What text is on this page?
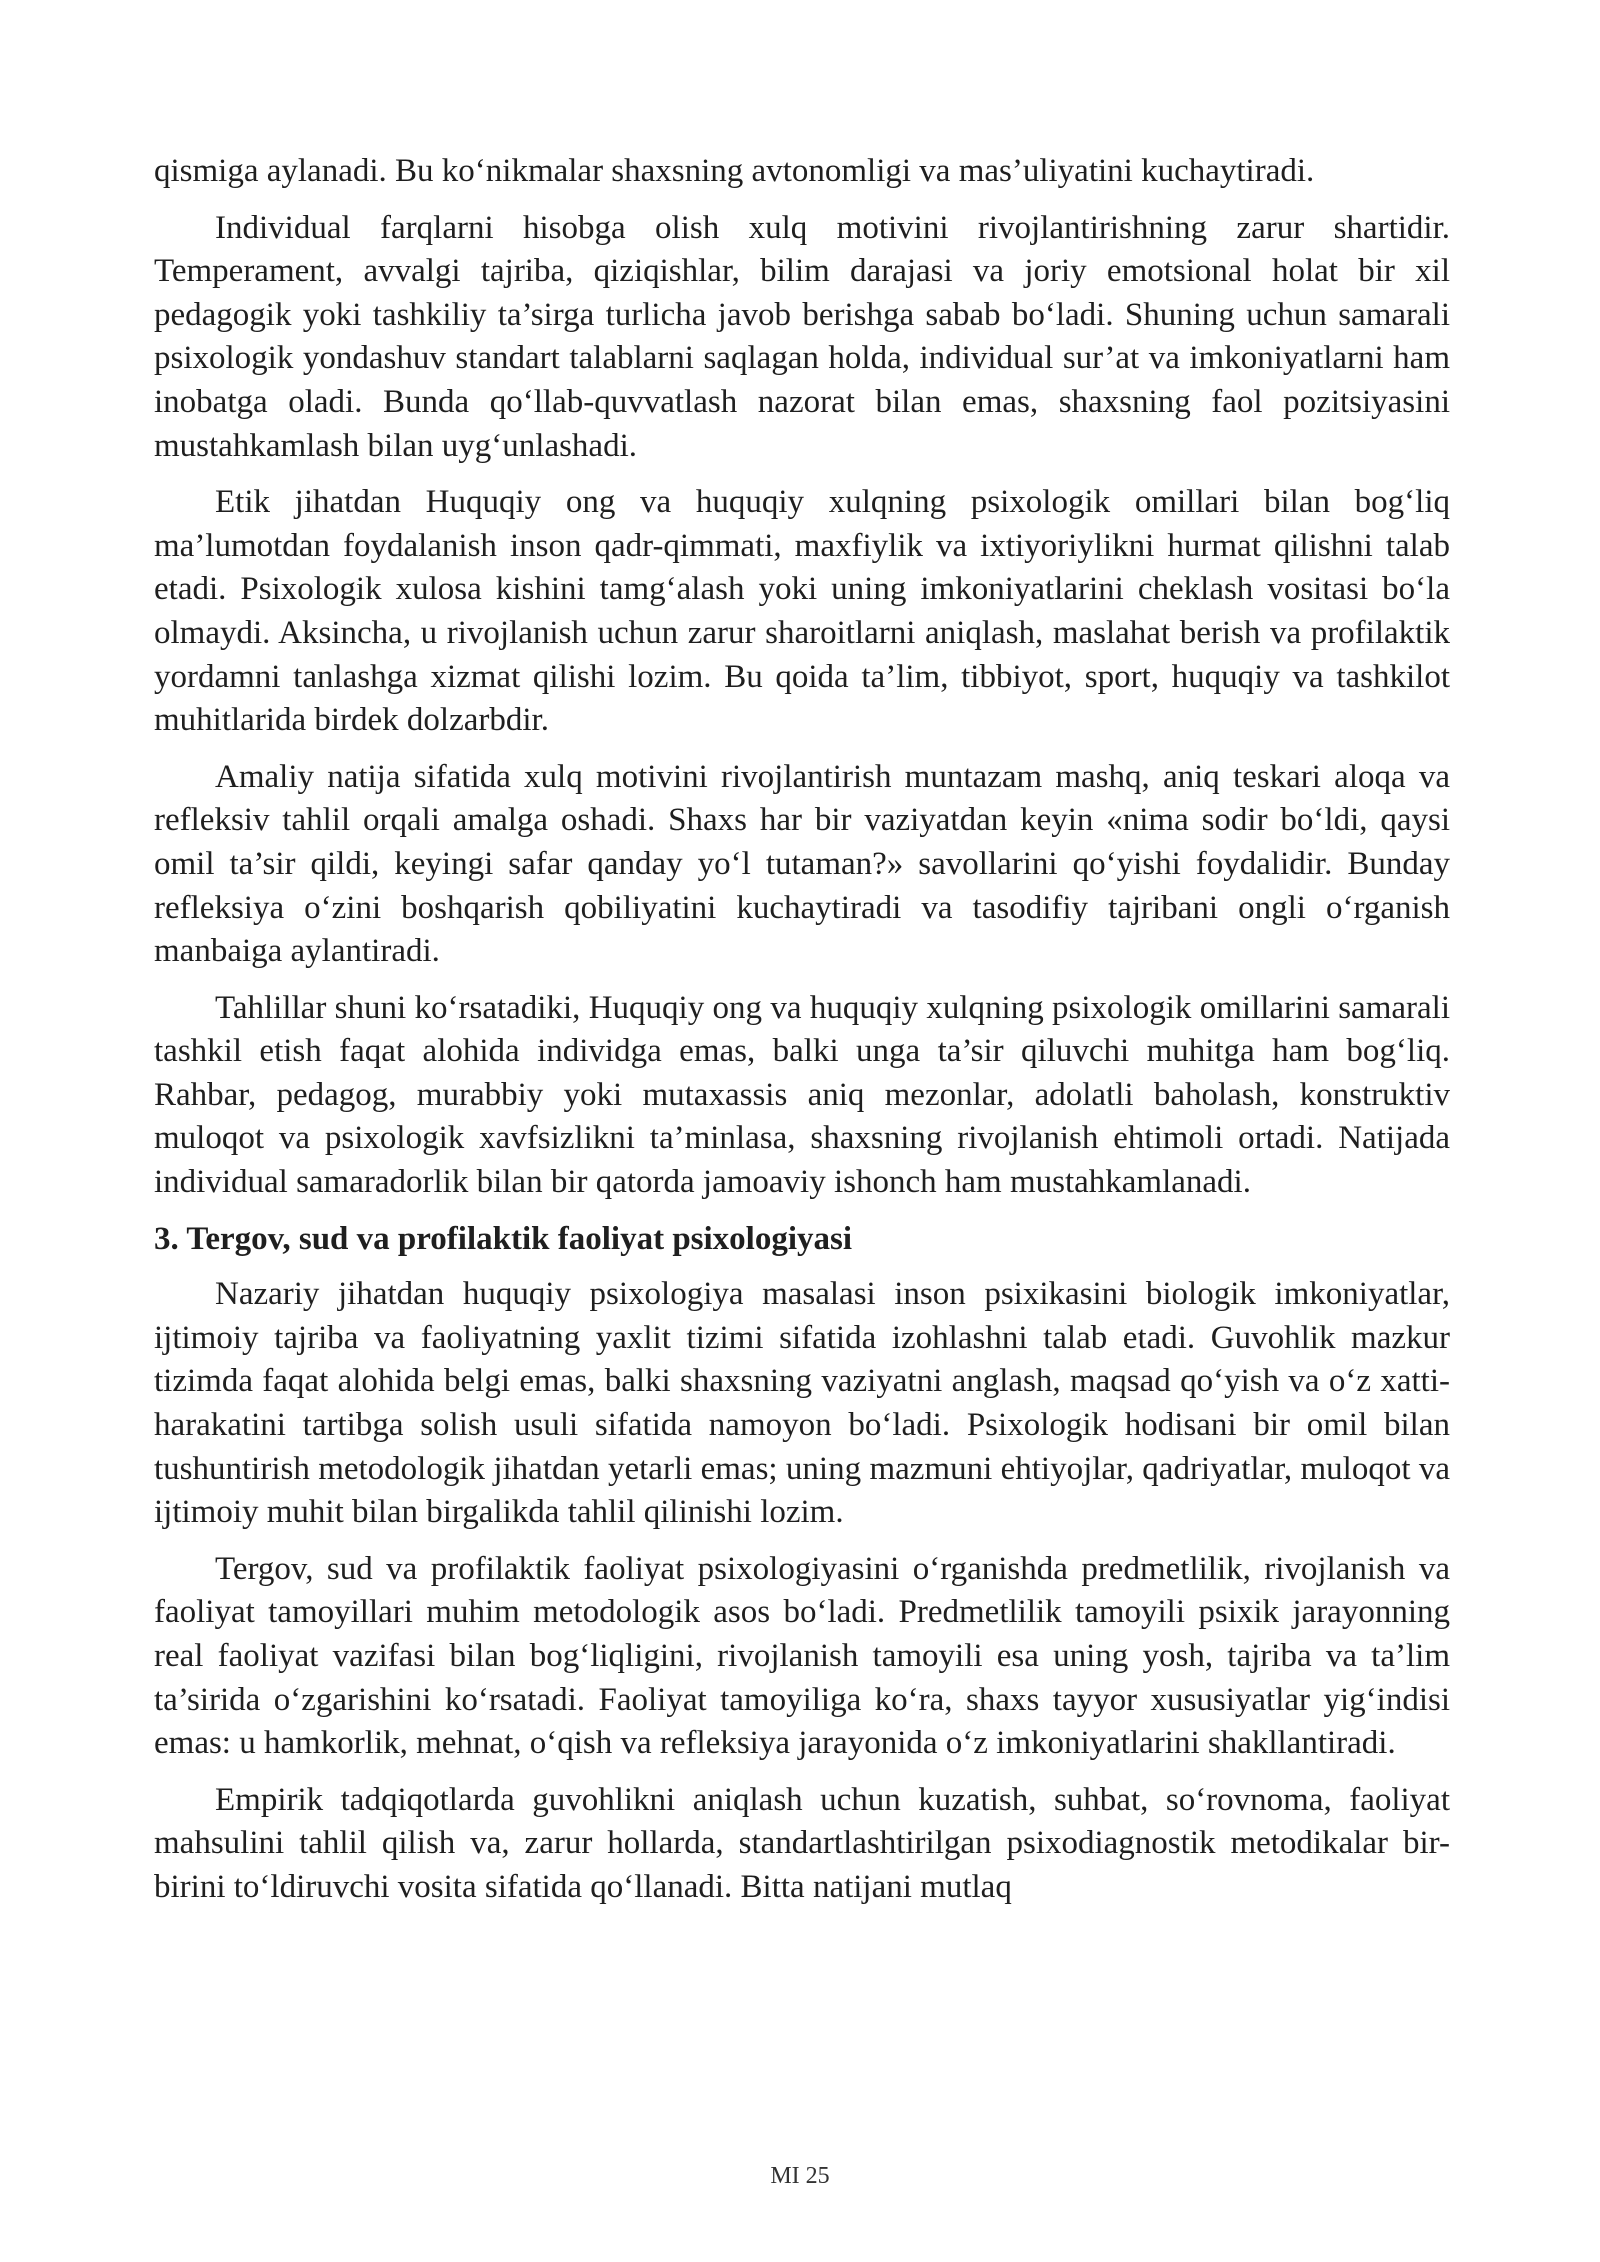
qismiga aylanadi. Bu ko‘nikmalar shaxsning avtonomligi va mas’uliyatini kuchaytiradi.

Individual farqlarni hisobga olish xulq motivini rivojlantirishning zarur shartidir. Temperament, avvalgi tajriba, qiziqishlar, bilim darajasi va joriy emotsional holat bir xil pedagogik yoki tashkiliy ta’sirga turlicha javob berishga sabab bo‘ladi. Shuning uchun samarali psixologik yondashuv standart talablarni saqlagan holda, individual sur’at va imkoniyatlarni ham inobatga oladi. Bunda qo‘llab-quvvatlash nazorat bilan emas, shaxsning faol pozitsiyasini mustahkamlash bilan uyg‘unlashadi.

Etik jihatdan Huquqiy ong va huquqiy xulqning psixologik omillari bilan bog‘liq ma’lumotdan foydalanish inson qadr-qimmati, maxfiylik va ixtiyoriylikni hurmat qilishni talab etadi. Psixologik xulosa kishini tamg‘alash yoki uning imkoniyatlarini cheklash vositasi bo‘la olmaydi. Aksincha, u rivojlanish uchun zarur sharoitlarni aniqlash, maslahat berish va profilaktik yordamni tanlashga xizmat qilishi lozim. Bu qoida ta’lim, tibbiyot, sport, huquqiy va tashkilot muhitlarida birdek dolzarbdir.

Amaliy natija sifatida xulq motivini rivojlantirish muntazam mashq, aniq teskari aloqa va refleksiv tahlil orqali amalga oshadi. Shaxs har bir vaziyatdan keyin «nima sodir bo‘ldi, qaysi omil ta’sir qildi, keyingi safar qanday yo‘l tutaman?» savollarini qo‘yishi foydalidir. Bunday refleksiya o‘zini boshqarish qobiliyatini kuchaytiradi va tasodifiy tajribani ongli o‘rganish manbaiga aylantiradi.

Tahlillar shuni ko‘rsatadiki, Huquqiy ong va huquqiy xulqning psixologik omillarini samarali tashkil etish faqat alohida individga emas, balki unga ta’sir qiluvchi muhitga ham bog‘liq. Rahbar, pedagog, murabbiy yoki mutaxassis aniq mezonlar, adolatli baholash, konstruktiv muloqot va psixologik xavfsizlikni ta’minlasa, shaxsning rivojlanish ehtimoli ortadi. Natijada individual samaradorlik bilan bir qatorda jamoaviy ishonch ham mustahkamlanadi.

3. Tergov, sud va profilaktik faoliyat psixologiyasi

Nazariy jihatdan huquqiy psixologiya masalasi inson psixikasini biologik imkoniyatlar, ijtimoiy tajriba va faoliyatning yaxlit tizimi sifatida izohlashni talab etadi. Guvohlik mazkur tizimda faqat alohida belgi emas, balki shaxsning vaziyatni anglash, maqsad qo‘yish va o‘z xatti-harakatini tartibga solish usuli sifatida namoyon bo‘ladi. Psixologik hodisani bir omil bilan tushuntirish metodologik jihatdan yetarli emas; uning mazmuni ehtiyojlar, qadriyatlar, muloqot va ijtimoiy muhit bilan birgalikda tahlil qilinishi lozim.

Tergov, sud va profilaktik faoliyat psixologiyasini o‘rganishda predmetlilik, rivojlanish va faoliyat tamoyillari muhim metodologik asos bo‘ladi. Predmetlilik tamoyili psixik jarayonning real faoliyat vazifasi bilan bog‘liqligini, rivojlanish tamoyili esa uning yosh, tajriba va ta’lim ta’sirida o‘zgarishini ko‘rsatadi. Faoliyat tamoyiliga ko‘ra, shaxs tayyor xususiyatlar yig‘indisi emas: u hamkorlik, mehnat, o‘qish va refleksiya jarayonida o‘z imkoniyatlarini shakllantiradi.

Empirik tadqiqotlarda guvohlikni aniqlash uchun kuzatish, suhbat, so‘rovnoma, faoliyat mahsulini tahlil qilish va, zarur hollarda, standartlashtirilgan psixodiagnostik metodikalar bir-birini to‘ldiruvchi vosita sifatida qo‘llanadi. Bitta natijani mutlaq

MI 25
